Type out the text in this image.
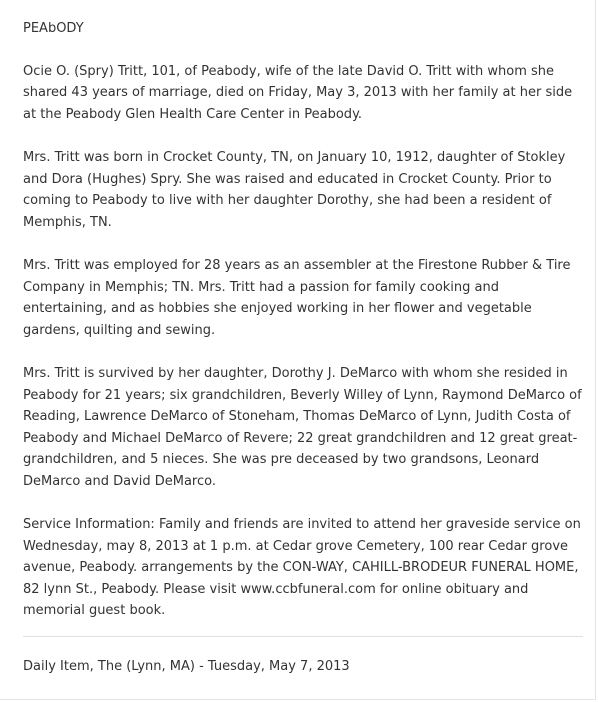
PEAbODY

Ocie O. (Spry) Tritt, 101, of Peabody, wife of the late David O. Tritt with whom she shared 43 years of marriage, died on Friday, May 3, 2013 with her family at her side at the Peabody Glen Health Care Center in Peabody.

Mrs. Tritt was born in Crocket County, TN, on January 10, 1912, daughter of Stokley and Dora (Hughes) Spry. She was raised and educated in Crocket County. Prior to coming to Peabody to live with her daughter Dorothy, she had been a resident of Memphis, TN.

Mrs. Tritt was employed for 28 years as an assembler at the Firestone Rubber & Tire Company in Memphis; TN. Mrs. Tritt had a passion for family cooking and entertaining, and as hobbies she enjoyed working in her flower and vegetable gardens, quilting and sewing.

Mrs. Tritt is survived by her daughter, Dorothy J. DeMarco with whom she resided in Peabody for 21 years; six grandchildren, Beverly Willey of Lynn, Raymond DeMarco of Reading, Lawrence DeMarco of Stoneham, Thomas DeMarco of Lynn, Judith Costa of Peabody and Michael DeMarco of Revere; 22 great grandchildren and 12 great great-grandchildren, and 5 nieces. She was pre deceased by two grandsons, Leonard DeMarco and David DeMarco.

Service Information: Family and friends are invited to attend her graveside service on Wednesday, may 8, 2013 at 1 p.m. at Cedar grove Cemetery, 100 rear Cedar grove avenue, Peabody. arrangements by the CON-WAY, CAHILL-BRODEUR FUNERAL HOME, 82 lynn St., Peabody. Please visit www.ccbfuneral.com for online obituary and memorial guest book.

Daily Item, The (Lynn, MA) - Tuesday, May 7, 2013
